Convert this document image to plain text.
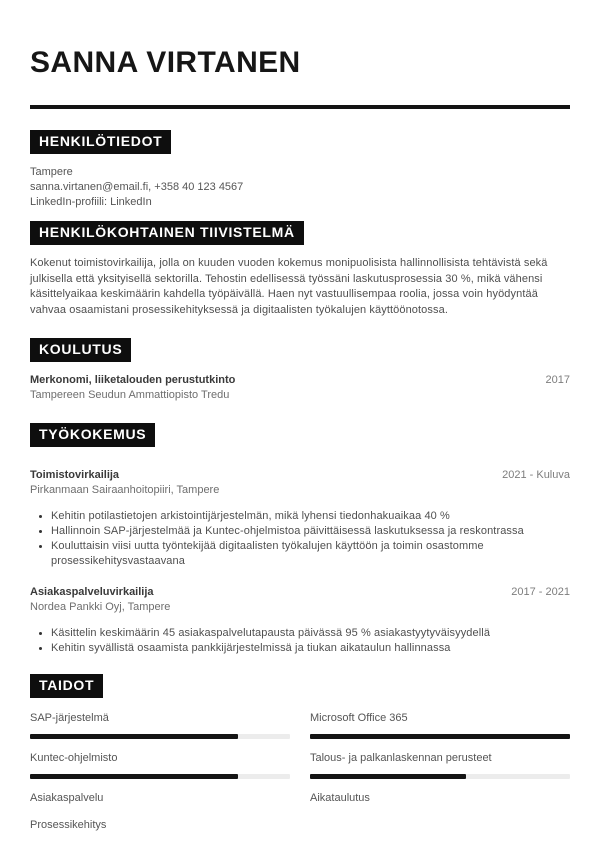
SANNA VIRTANEN
HENKILÖTIEDOT

Tampere

sanna.virtanen@email.fi, +358 40 123 4567

LinkedIn-profiili: LinkedIn

HENKILÖKOHTAINEN TIIVISTELMÄ

Kokenut toimistovirkailija, jolla on kuuden vuoden kokemus monipuolisista hallinnollisista tehtävistä sekä julkisella että yksityisellä sektorilla. Tehostin edellisessä työssäni laskutusprosessia 30 %, mikä vähensi käsittelyaikaa keskimäärin kahdella työpäivällä. Haen nyt vastuullisempaa roolia, jossa voin hyödyntää vahvaa osaamistani prosessikehityksessä ja digitaalisten työkalujen käyttöönotossa.

KOULUTUS
Merkonomi, liiketalouden perustutkinto	2017
Tampereen Seudun Ammattiopisto Tredu
TYÖKOKEMUS
Toimistovirkailija	2021 - Kuluva
Pirkanmaan Sairaanhoitopiiri, Tampere
• Kehitin potilastietojen arkistointijärjestelmän, mikä lyhensi tiedonhakuaikaa 40 %
• Hallinnoin SAP-järjestelmää ja Kuntec-ohjelmistoa päivittäisessä laskutuksessa ja reskontrassa
• Kouluttaisin viisi uutta työntekijää digitaalisten työkalujen käyttöön ja toimin osastomme prosessikehitysvastaavana
Asiakaspalveluvirkailija	2017 - 2021
Nordea Pankki Oyj, Tampere
• Käsittelin keskimäärin 45 asiakaspalvelutapausta päivässä 95 % asiakastyytyväisyydellä
• Kehitin syvällistä osaamista pankkijärjestelmissä ja tiukan aikataulun hallinnassa
TAIDOT
SAP-järjestelmä	Microsoft Office 365
Kuntec-ohjelmisto	Talous- ja palkanlaskennan perusteet
Asiakaspalvelu	Aikataulutus
Prosessikehitys
